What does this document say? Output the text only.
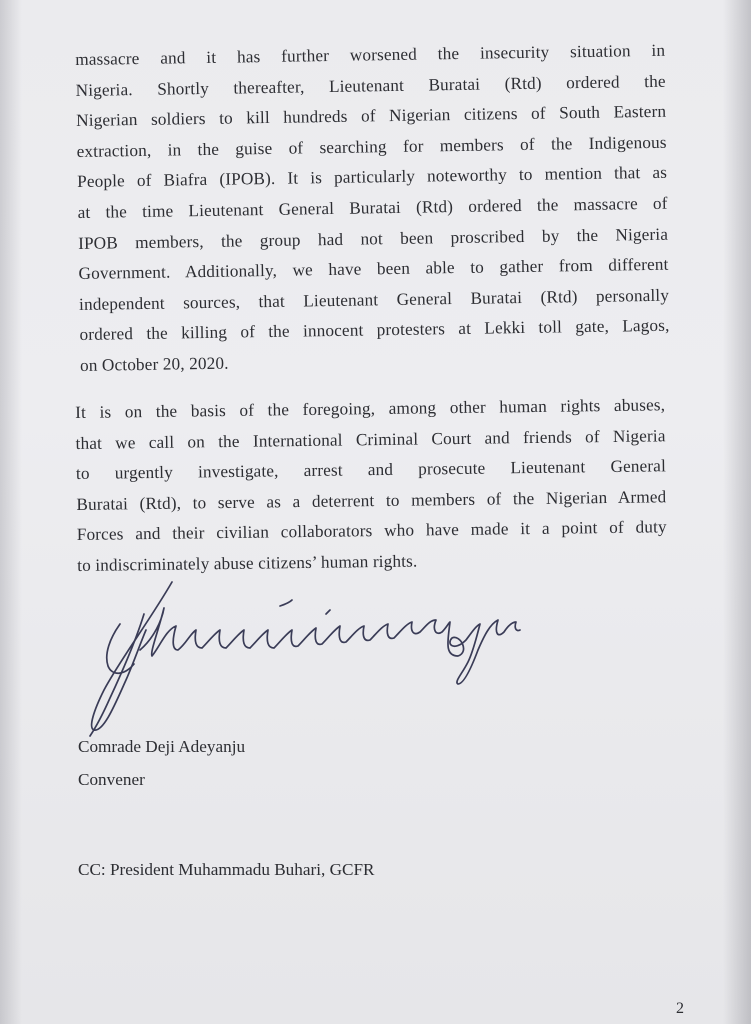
massacre and it has further worsened the insecurity situation in
Nigeria. Shortly thereafter, Lieutenant Buratai (Rtd) ordered the
Nigerian soldiers to kill hundreds of Nigerian citizens of South Eastern
extraction, in the guise of searching for members of the Indigenous
People of Biafra (IPOB). It is particularly noteworthy to mention that as
at the time Lieutenant General Buratai (Rtd) ordered the massacre of
IPOB members, the group had not been proscribed by the Nigeria
Government. Additionally, we have been able to gather from different
independent sources, that Lieutenant General Buratai (Rtd) personally
ordered the killing of the innocent protesters at Lekki toll gate, Lagos,
on October 20, 2020.
It is on the basis of the foregoing, among other human rights abuses,
that we call on the International Criminal Court and friends of Nigeria
to urgently investigate, arrest and prosecute Lieutenant General
Buratai (Rtd), to serve as a deterrent to members of the Nigerian Armed
Forces and their civilian collaborators who have made it a point of duty
to indiscriminately abuse citizens’ human rights.
Comrade Deji Adeyanju
Convener
CC: President Muhammadu Buhari, GCFR
2
